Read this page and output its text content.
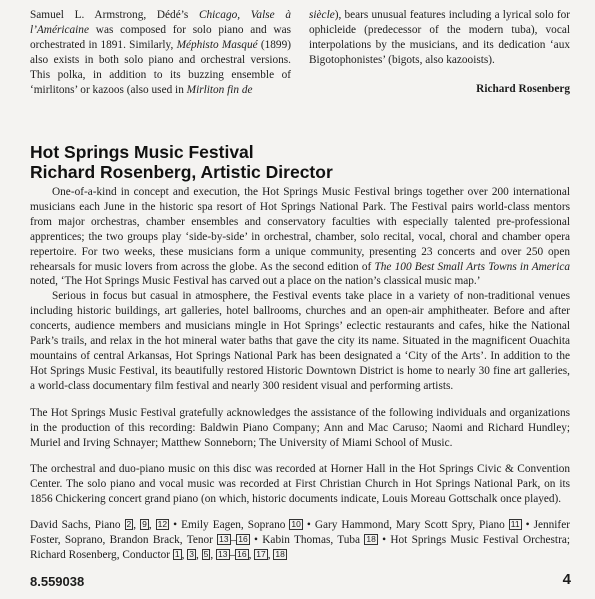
Samuel L. Armstrong, Dédé’s Chicago, Valse à l’Américaine was composed for solo piano and was orchestrated in 1891. Similarly, Méphisto Masqué (1899) also exists in both solo piano and orchestral versions. This polka, in addition to its buzzing ensemble of ‘mirlitons’ or kazoos (also used in Mirliton fin de

siècle), bears unusual features including a lyrical solo for ophicleide (predecessor of the modern tuba), vocal interpolations by the musicians, and its dedication ‘aux Bigotophonistes’ (bigots, also kazooists).

Richard Rosenberg
Hot Springs Music Festival
Richard Rosenberg, Artistic Director

One-of-a-kind in concept and execution, the Hot Springs Music Festival brings together over 200 international musicians each June in the historic spa resort of Hot Springs National Park. The Festival pairs world-class mentors from major orchestras, chamber ensembles and conservatory faculties with especially talented pre-professional apprentices; the two groups play ‘side-by-side’ in orchestral, chamber, solo recital, vocal, choral and chamber opera repertoire. For two weeks, these musicians form a unique community, presenting 23 concerts and over 250 open rehearsals for music lovers from across the globe. As the second edition of The 100 Best Small Arts Towns in America noted, ‘The Hot Springs Music Festival has carved out a place on the nation’s classical music map.’

Serious in focus but casual in atmosphere, the Festival events take place in a variety of non-traditional venues including historic buildings, art galleries, hotel ballrooms, churches and an open-air amphitheater. Before and after concerts, audience members and musicians mingle in Hot Springs’ eclectic restaurants and cafes, hike the National Park’s trails, and relax in the hot mineral water baths that gave the city its name. Situated in the magnificent Ouachita mountains of central Arkansas, Hot Springs National Park has been designated a ‘City of the Arts’. In addition to the Hot Springs Music Festival, its beautifully restored Historic Downtown District is home to nearly 30 fine art galleries, a world-class documentary film festival and nearly 300 resident visual and performing artists.

The Hot Springs Music Festival gratefully acknowledges the assistance of the following individuals and organizations in the production of this recording: Baldwin Piano Company; Ann and Mac Caruso; Naomi and Richard Hundley; Muriel and Irving Schnayer; Matthew Sonneborn; The University of Miami School of Music.

The orchestral and duo-piano music on this disc was recorded at Horner Hall in the Hot Springs Civic & Convention Center. The solo piano and vocal music was recorded at First Christian Church in Hot Springs National Park, on its 1856 Chickering concert grand piano (on which, historic documents indicate, Louis Moreau Gottschalk once played).

David Sachs, Piano 2 , 9 , 12 • Emily Eagen, Soprano 10 • Gary Hammond, Mary Scott Spry, Piano 11 • Jennifer Foster, Soprano, Brandon Brack, Tenor 13 – 16 • Kabin Thomas, Tuba 18 • Hot Springs Music Festival Orchestra; Richard Rosenberg, Conductor 1 , 3 , 5 , 13 – 16 , 17 , 18
8.559038	4
